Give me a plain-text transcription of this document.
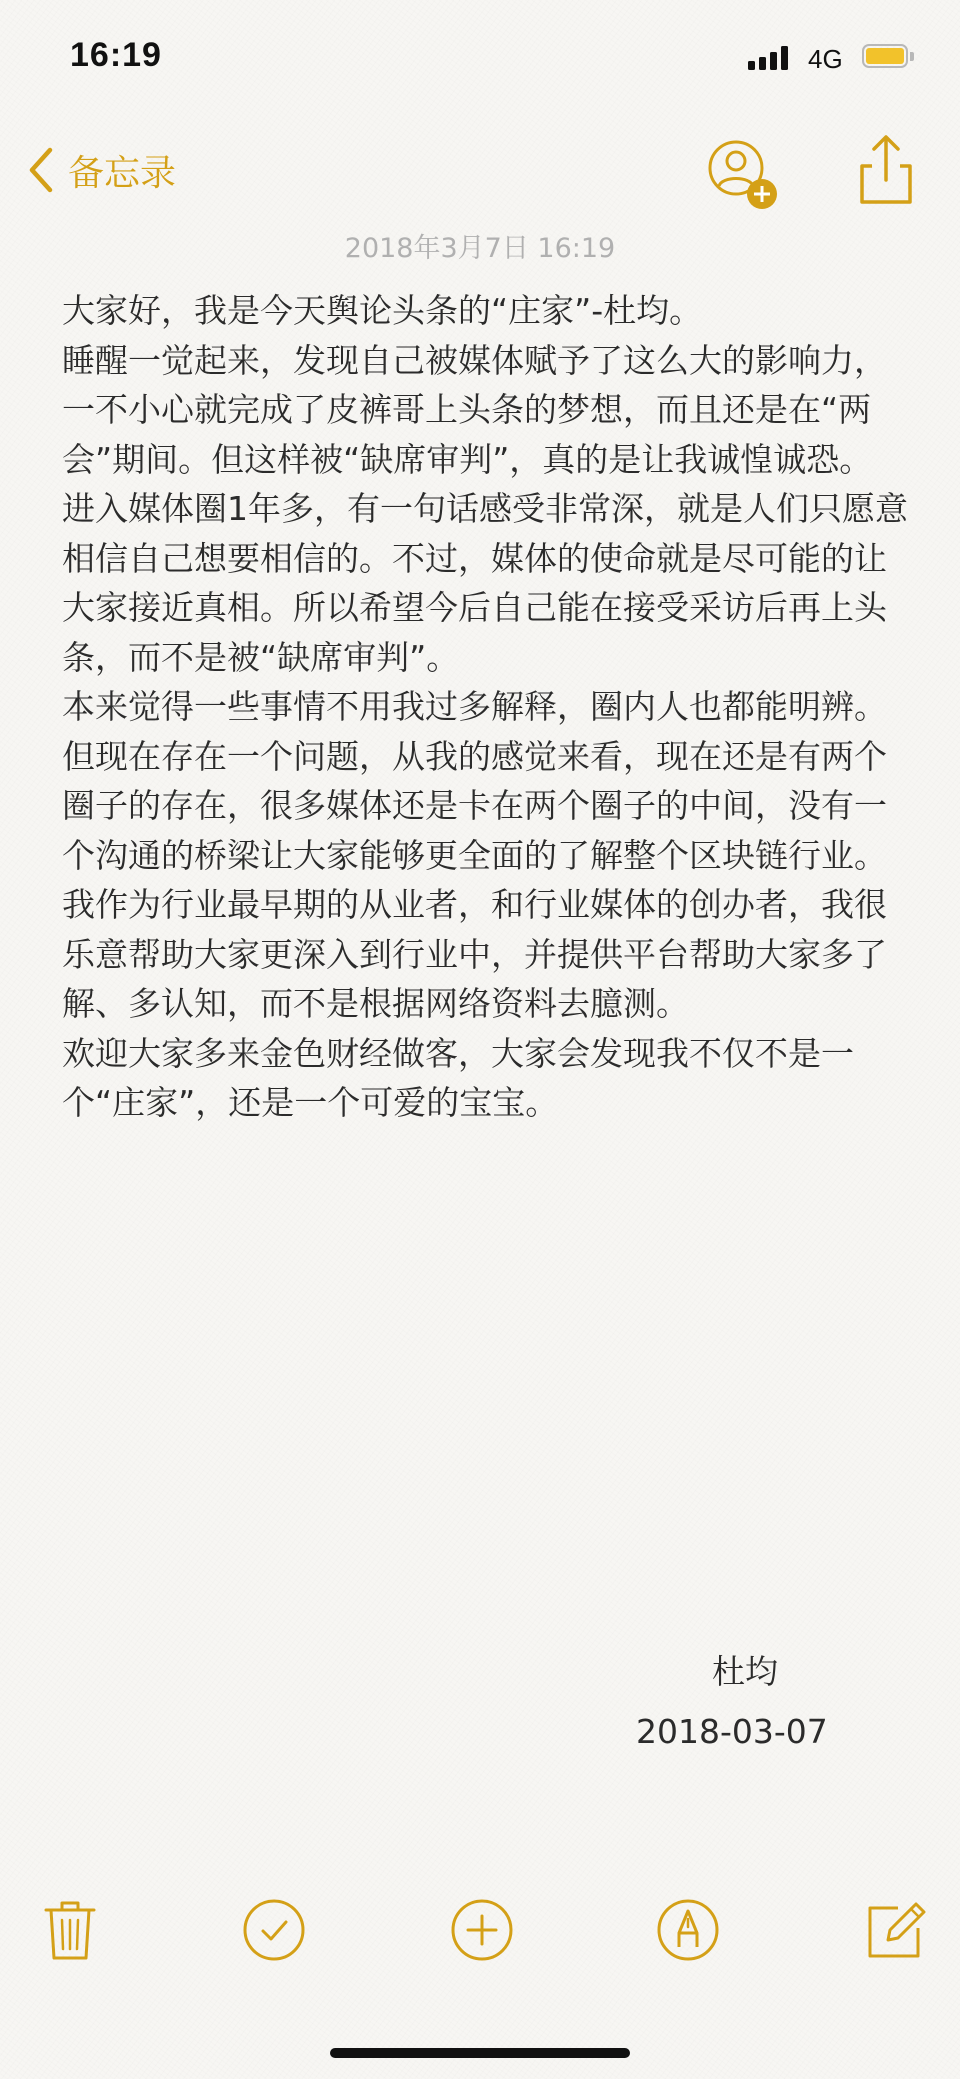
16:19	4G
备忘录
2018年3月7日 16:19

大家好，我是今天舆论头条的“庄家”-杜均。

睡醒一觉起来，发现自己被媒体赋予了这么大的影响力，一不小心就完成了皮裤哥上头条的梦想，而且还是在“两会”期间。但这样被“缺席审判”，真的是让我诚惶诚恐。

进入媒体圈1年多，有一句话感受非常深，就是人们只愿意相信自己想要相信的。不过，媒体的使命就是尽可能的让大家接近真相。所以希望今后自己能在接受采访后再上头条，而不是被“缺席审判”。

本来觉得一些事情不用我过多解释，圈内人也都能明辨。但现在存在一个问题，从我的感觉来看，现在还是有两个圈子的存在，很多媒体还是卡在两个圈子的中间，没有一个沟通的桥梁让大家能够更全面的了解整个区块链行业。

我作为行业最早期的从业者，和行业媒体的创办者，我很乐意帮助大家更深入到行业中，并提供平台帮助大家多了解、多认知，而不是根据网络资料去臆测。

欢迎大家多来金色财经做客，大家会发现我不仅不是一个“庄家”，还是一个可爱的宝宝。

杜均
2018-03-07
